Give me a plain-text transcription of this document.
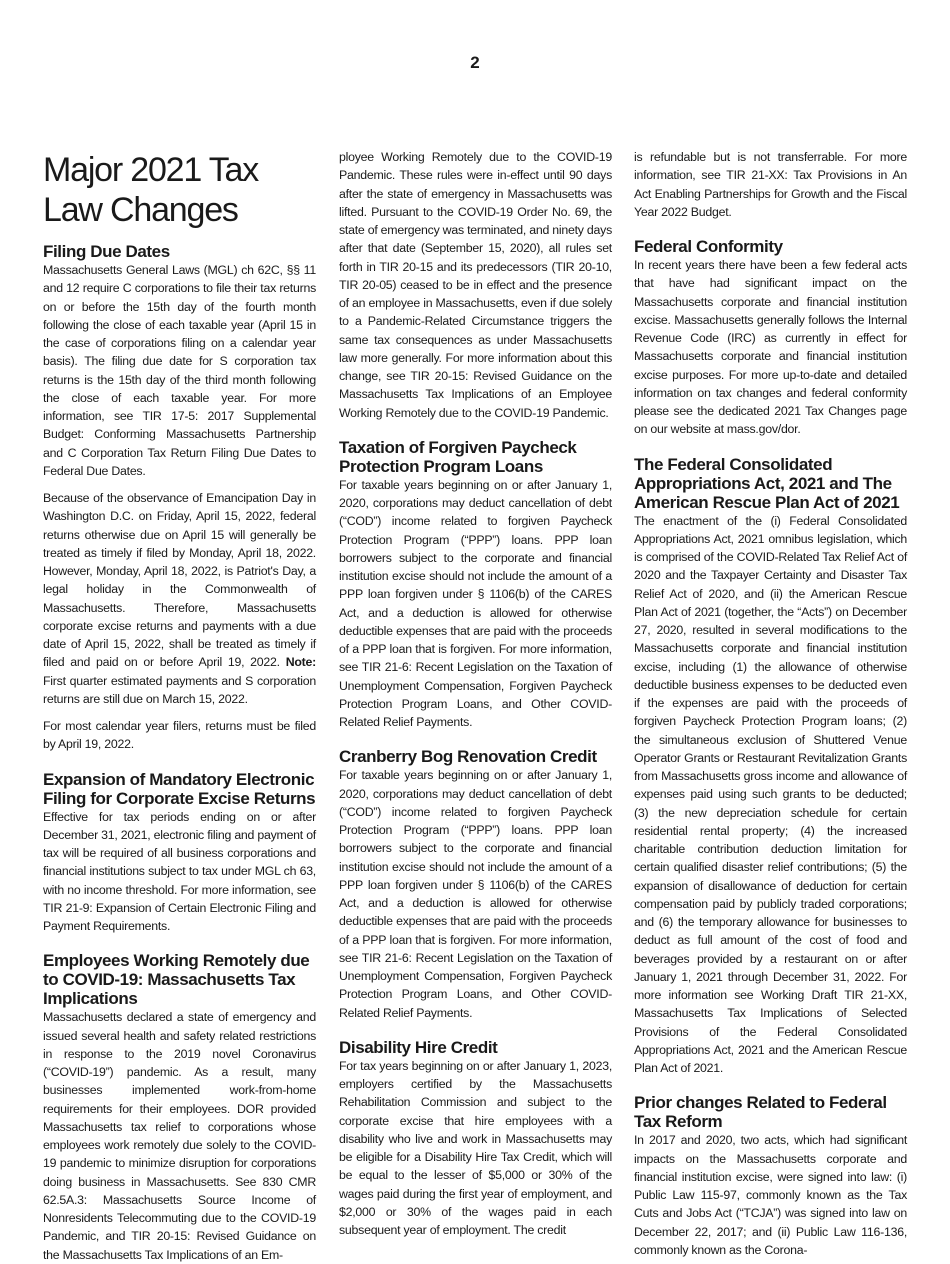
2
Major 2021 Tax Law Changes
Filing Due Dates

Massachusetts General Laws (MGL) ch 62C, §§ 11 and 12 require C corporations to file their tax returns on or before the 15th day of the fourth month following the close of each taxable year (April 15 in the case of corporations filing on a calendar year basis). The filing due date for S corporation tax returns is the 15th day of the third month following the close of each taxable year. For more information, see TIR 17-5: 2017 Supplemental Budget: Conforming Massachusetts Partnership and C Corporation Tax Return Filing Due Dates to Federal Due Dates.

Because of the observance of Emancipation Day in Washington D.C. on Friday, April 15, 2022, federal returns otherwise due on April 15 will generally be treated as timely if filed by Monday, April 18, 2022. However, Monday, April 18, 2022, is Patriot's Day, a legal holiday in the Commonwealth of Massachusetts. Therefore, Massachusetts corporate excise returns and payments with a due date of April 15, 2022, shall be treated as timely if filed and paid on or before April 19, 2022. Note: First quarter estimated payments and S corporation returns are still due on March 15, 2022.

For most calendar year filers, returns must be filed by April 19, 2022.

Expansion of Mandatory Electronic Filing for Corporate Excise Returns

Effective for tax periods ending on or after December 31, 2021, electronic filing and payment of tax will be required of all business corporations and financial institutions subject to tax under MGL ch 63, with no income threshold. For more information, see TIR 21-9: Expansion of Certain Electronic Filing and Payment Requirements.

Employees Working Remotely due to COVID-19: Massachusetts Tax Implications

Massachusetts declared a state of emergency and issued several health and safety related restrictions in response to the 2019 novel Coronavirus (“COVID-19”) pandemic. As a result, many businesses implemented work-from-home requirements for their employees. DOR provided Massachusetts tax relief to corporations whose employees work remotely due solely to the COVID-19 pandemic to minimize disruption for corporations doing business in Massachusetts. See 830 CMR 62.5A.3: Massachusetts Source Income of Nonresidents Telecommuting due to the COVID-19 Pandemic, and TIR 20-15: Revised Guidance on the Massachusetts Tax Implications of an Em-

ployee Working Remotely due to the COVID-19 Pandemic. These rules were in-effect until 90 days after the state of emergency in Massachusetts was lifted. Pursuant to the COVID-19 Order No. 69, the state of emergency was terminated, and ninety days after that date (September 15, 2020), all rules set forth in TIR 20-15 and its predecessors (TIR 20-10, TIR 20-05) ceased to be in effect and the presence of an employee in Massachusetts, even if due solely to a Pandemic-Related Circumstance triggers the same tax consequences as under Massachusetts law more generally. For more information about this change, see TIR 20-15: Revised Guidance on the Massachusetts Tax Implications of an Employee Working Remotely due to the COVID-19 Pandemic.

Taxation of Forgiven Paycheck Protection Program Loans

For taxable years beginning on or after January 1, 2020, corporations may deduct cancellation of debt (“COD”) income related to forgiven Paycheck Protection Program (“PPP”) loans. PPP loan borrowers subject to the corporate and financial institution excise should not include the amount of a PPP loan forgiven under § 1106(b) of the CARES Act, and a deduction is allowed for otherwise deductible expenses that are paid with the proceeds of a PPP loan that is forgiven. For more information, see TIR 21-6: Recent Legislation on the Taxation of Unemployment Compensation, Forgiven Paycheck Protection Program Loans, and Other COVID-Related Relief Payments.

Cranberry Bog Renovation Credit

For taxable years beginning on or after January 1, 2020, corporations may deduct cancellation of debt (“COD”) income related to forgiven Paycheck Protection Program (“PPP”) loans. PPP loan borrowers subject to the corporate and financial institution excise should not include the amount of a PPP loan forgiven under § 1106(b) of the CARES Act, and a deduction is allowed for otherwise deductible expenses that are paid with the proceeds of a PPP loan that is forgiven. For more information, see TIR 21-6: Recent Legislation on the Taxation of Unemployment Compensation, Forgiven Paycheck Protection Program Loans, and Other COVID-Related Relief Payments.

Disability Hire Credit

For tax years beginning on or after January 1, 2023, employers certified by the Massachusetts Rehabilitation Commission and subject to the corporate excise that hire employees with a disability who live and work in Massachusetts may be eligible for a Disability Hire Tax Credit, which will be equal to the lesser of $5,000 or 30% of the wages paid during the first year of employment, and $2,000 or 30% of the wages paid in each subsequent year of employment. The credit

is refundable but is not transferrable. For more information, see TIR 21-XX: Tax Provisions in An Act Enabling Partnerships for Growth and the Fiscal Year 2022 Budget.

Federal Conformity

In recent years there have been a few federal acts that have had significant impact on the Massachusetts corporate and financial institution excise. Massachusetts generally follows the Internal Revenue Code (IRC) as currently in effect for Massachusetts corporate and financial institution excise purposes. For more up-to-date and detailed information on tax changes and federal conformity please see the dedicated 2021 Tax Changes page on our website at mass.gov/dor.

The Federal Consolidated Appropriations Act, 2021 and The American Rescue Plan Act of 2021

The enactment of the (i) Federal Consolidated Appropriations Act, 2021 omnibus legislation, which is comprised of the COVID-Related Tax Relief Act of 2020 and the Taxpayer Certainty and Disaster Tax Relief Act of 2020, and (ii) the American Rescue Plan Act of 2021 (together, the “Acts”) on December 27, 2020, resulted in several modifications to the Massachusetts corporate and financial institution excise, including (1) the allowance of otherwise deductible business expenses to be deducted even if the expenses are paid with the proceeds of forgiven Paycheck Protection Program loans; (2) the simultaneous exclusion of Shuttered Venue Operator Grants or Restaurant Revitalization Grants from Massachusetts gross income and allowance of expenses paid using such grants to be deducted; (3) the new depreciation schedule for certain residential rental property; (4) the increased charitable contribution deduction limitation for certain qualified disaster relief contributions; (5) the expansion of disallowance of deduction for certain compensation paid by publicly traded corporations; and (6) the temporary allowance for businesses to deduct as full amount of the cost of food and beverages provided by a restaurant on or after January 1, 2021 through December 31, 2022. For more information see Working Draft TIR 21-XX, Massachusetts Tax Implications of Selected Provisions of the Federal Consolidated Appropriations Act, 2021 and the American Rescue Plan Act of 2021.

Prior changes Related to Federal Tax Reform

In 2017 and 2020, two acts, which had significant impacts on the Massachusetts corporate and financial institution excise, were signed into law: (i) Public Law 115-97, commonly known as the Tax Cuts and Jobs Act (“TCJA”) was signed into law on December 22, 2017; and (ii) Public Law 116-136, commonly known as the Corona-
